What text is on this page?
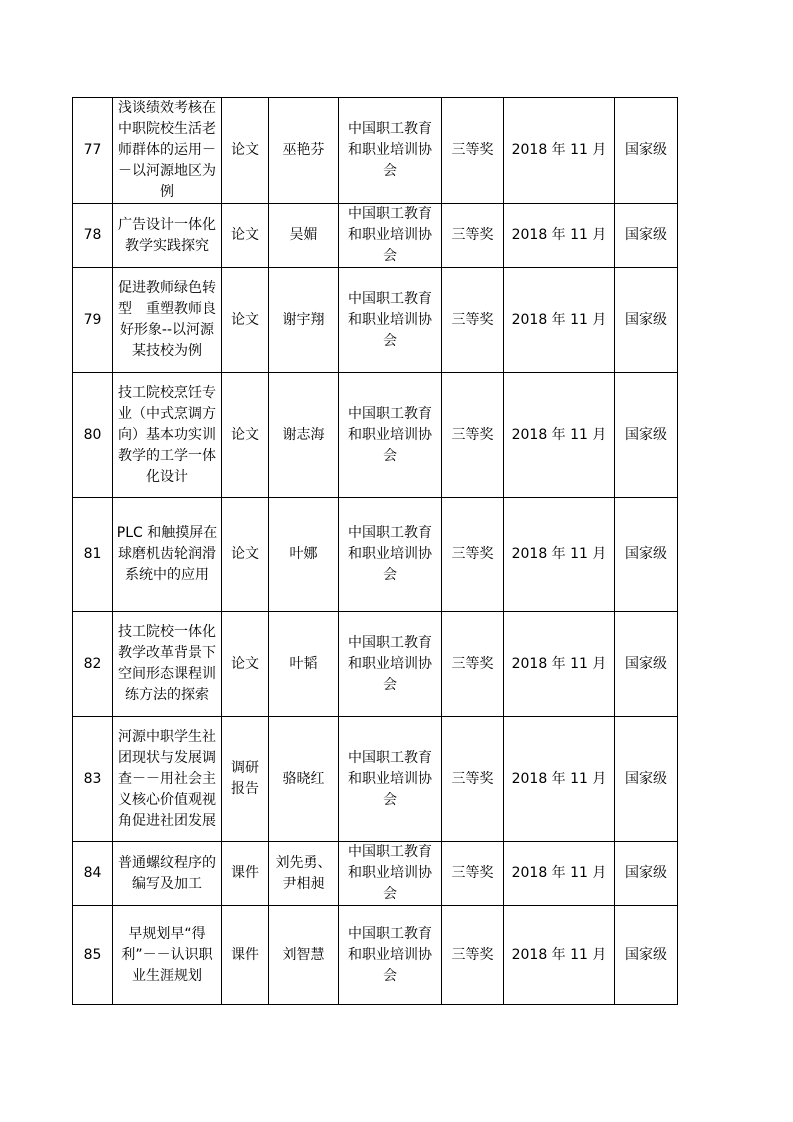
77	浅谈绩效考核在中职院校生活老师群体的运用－－以河源地区为例	论文	巫艳芬	中国职工教育和职业培训协会	三等奖	2018 年 11 月	国家级
78	广告设计一体化教学实践探究	论文	吴媚	中国职工教育和职业培训协会	三等奖	2018 年 11 月	国家级
79	促进教师绿色转型　重塑教师良好形象--以河源某技校为例	论文	谢宇翔	中国职工教育和职业培训协会	三等奖	2018 年 11 月	国家级
80	技工院校烹饪专业（中式烹调方向）基本功实训教学的工学一体化设计	论文	谢志海	中国职工教育和职业培训协会	三等奖	2018 年 11 月	国家级
81	PLC 和触摸屏在球磨机齿轮润滑系统中的应用	论文	叶娜	中国职工教育和职业培训协会	三等奖	2018 年 11 月	国家级
82	技工院校一体化教学改革背景下空间形态课程训练方法的探索	论文	叶韬	中国职工教育和职业培训协会	三等奖	2018 年 11 月	国家级
83	河源中职学生社团现状与发展调查－－用社会主义核心价值观视角促进社团发展	调研报告	骆晓红	中国职工教育和职业培训协会	三等奖	2018 年 11 月	国家级
84	普通螺纹程序的编写及加工	课件	刘先勇、尹相昶	中国职工教育和职业培训协会	三等奖	2018 年 11 月	国家级
85	早规划早“得利”－－认识职业生涯规划	课件	刘智慧	中国职工教育和职业培训协会	三等奖	2018 年 11 月	国家级
